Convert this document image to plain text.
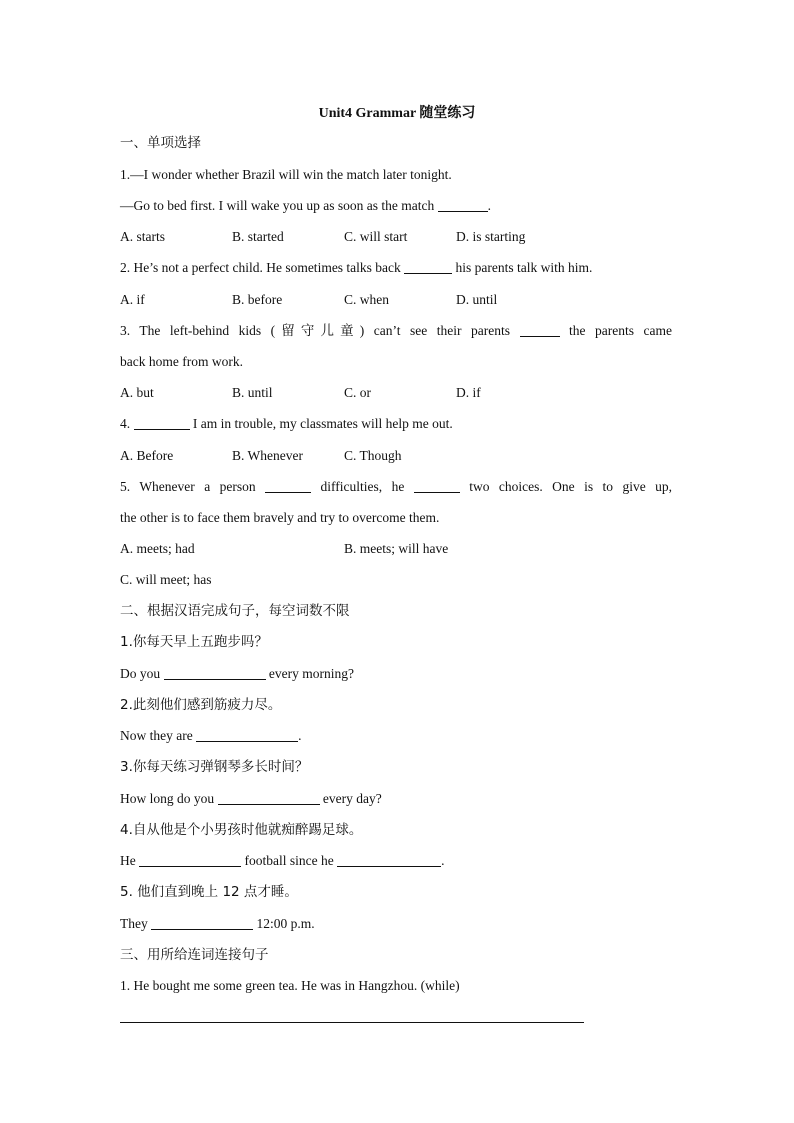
Unit4 Grammar 随堂练习
一、单项选择
1.—I wonder whether Brazil will win the match later tonight.
—Go to bed first. I will wake you up as soon as the match	.
A. starts	B. started	C. will start	D. is starting
2. He’s not a perfect child. He sometimes talks back	his parents talk with him.
A. if	B. before	C. when	D. until
3. The left-behind kids (留守儿童) can’t see their parents	the parents came
back home from work.
A. but	B. until	C. or	D. if
4.	I am in trouble, my classmates will help me out.
A. Before	B. Whenever	C. Though
5. Whenever a person	difficulties, he	two choices. One is to give up,
the other is to face them bravely and try to overcome them.
A. meets; had	B. meets; will have
C. will meet; has
二、根据汉语完成句子，每空词数不限
1.你每天早上五跑步吗？
Do you	every morning?
2.此刻他们感到筋疲力尽。
Now they are	.
3.你每天练习弹钢琴多长时间？
How long do you	every day?
4.自从他是个小男孩时他就痴醉踢足球。
He	football since he	.
5. 他们直到晚上 12 点才睡。
They	12:00 p.m.
三、用所给连词连接句子
1. He bought me some green tea. He was in Hangzhou. (while)
